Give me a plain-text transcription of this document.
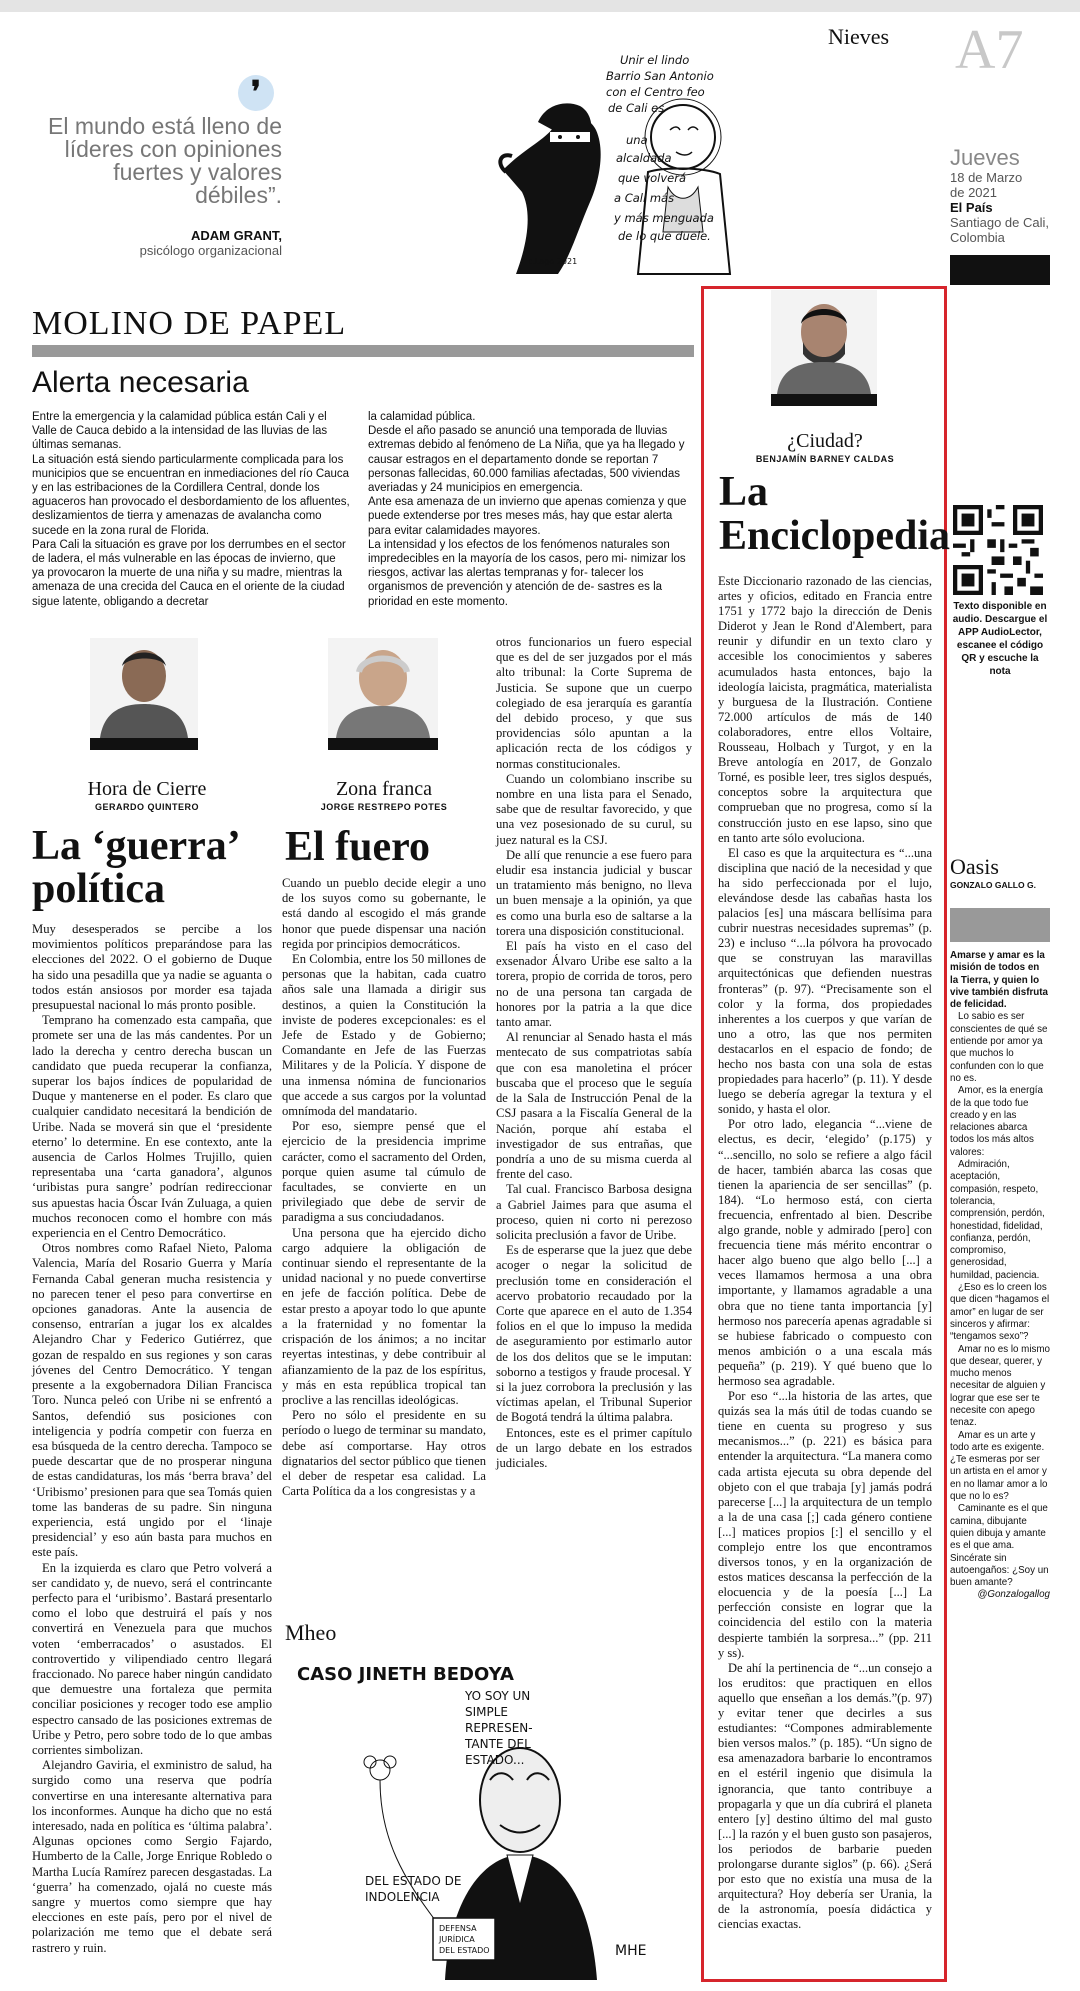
Nieves A7
❜
El mundo está lleno de
líderes con opiniones
fuertes y valores
débiles”.
ADAM GRANT,
psicólogo organizacional
Unir el lindo
Barrio San Antonio
con el Centro feo
de Cali es
una
alcaldada
que volverá
a Cali más
y más menguada
de lo que duele.
c.Lago 2021
Jueves
18 de Marzo
de 2021
El País
Santiago de Cali,
Colombia
MOLINO DE PAPEL
Alerta necesaria

Entre la emergencia y la calamidad pública están Cali y el Valle de Cauca debido a la intensidad de las lluvias de las últimas semanas.

La situación está siendo particularmente complicada para los municipios que se encuentran en inmediaciones del río Cauca y en las estribaciones de la Cordillera Central, donde los aguaceros han provocado el desbordamiento de los afluentes, deslizamientos de tierra y amenazas de avalancha como sucede en la zona rural de Florida.

Para Cali la situación es grave por los derrumbes en el sector de ladera, el más vulnerable en las épocas de invierno, que ya provocaron la muerte de una niña y su madre, mientras la amenaza de una crecida del Cauca en el oriente de la ciudad sigue latente, obligando a decretar

la calamidad pública.

Desde el año pasado se anunció una temporada de lluvias extremas debido al fenómeno de La Niña, que ya ha llegado y causar estragos en el departamento donde se reportan 7 personas fallecidas, 60.000 familias afectadas, 500 viviendas averiadas y 24 municipios en emergencia.

Ante esa amenaza de un invierno que apenas comienza y que puede extenderse por tres meses más, hay que estar alerta para evitar calamidades mayores.

La intensidad y los efectos de los fenómenos naturales son impredecibles en la mayoría de los casos, pero mi- nimizar los riesgos, activar las alertas tempranas y for- talecer los organismos de prevención y atención de de- sastres es la prioridad en este momento.

Hora de Cierre
GERARDO QUINTERO
La ‘guerra’
política

Muy desesperados se percibe a los movimientos políticos preparándose para las elecciones del 2022. O el gobierno de Duque ha sido una pesadilla que ya nadie se aguanta o todos están ansiosos por morder esa tajada presupuestal nacional lo más pronto posible.

Temprano ha comenzado esta campaña, que promete ser una de las más candentes. Por un lado la derecha y centro derecha buscan un candidato que pueda recuperar la confianza, superar los bajos índices de popularidad de Duque y mantenerse en el poder. Es claro que cualquier candidato necesitará la bendición de Uribe. Nada se moverá sin que el ‘presidente eterno’ lo determine. En ese contexto, ante la ausencia de Carlos Holmes Trujillo, quien representaba una ‘carta ganadora’, algunos ‘uribistas pura sangre’ podrían redireccionar sus apuestas hacia Óscar Iván Zuluaga, a quien muchos reconocen como el hombre con más experiencia en el Centro Democrático.

Otros nombres como Rafael Nieto, Paloma Valencia, María del Rosario Guerra y María Fernanda Cabal generan mucha resistencia y no parecen tener el peso para convertirse en opciones ganadoras. Ante la ausencia de consenso, entrarían a jugar los ex alcaldes Alejandro Char y Federico Gutiérrez, que gozan de respaldo en sus regiones y son caras jóvenes del Centro Democrático. Y tengan presente a la exgobernadora Dilian Francisca Toro. Nunca peleó con Uribe ni se enfrentó a Santos, defendió sus posiciones con inteligencia y podría competir con fuerza en esa búsqueda de la centro derecha. Tampoco se puede descartar que de no prosperar ninguna de estas candidaturas, los más ‘berra brava’ del ‘Uribismo’ presionen para que sea Tomás quien tome las banderas de su padre. Sin ninguna experiencia, está ungido por el ‘linaje presidencial’ y eso aún basta para muchos en este país.

En la izquierda es claro que Petro volverá a ser candidato y, de nuevo, será el contrincante perfecto para el ‘uribismo’. Bastará presentarlo como el lobo que destruirá el país y nos convertirá en Venezuela para que muchos voten ‘emberracados’ o asustados. El controvertido y vilipendiado centro llegará fraccionado. No parece haber ningún candidato que demuestre una fortaleza que permita conciliar posiciones y recoger todo ese amplio espectro cansado de las posiciones extremas de Uribe y Petro, pero sobre todo de lo que ambas corrientes simbolizan.

Alejandro Gaviria, el exministro de salud, ha surgido como una reserva que podría convertirse en una interesante alternativa para los inconformes. Aunque ha dicho que no está interesado, nada en política es ‘última palabra’. Algunas opciones como Sergio Fajardo, Humberto de la Calle, Jorge Enrique Robledo o Martha Lucía Ramírez parecen desgastadas. La ‘guerra’ ha comenzado, ojalá no cueste más sangre y muertos como siempre que hay elecciones en este país, pero por el nivel de polarización me temo que el debate será rastrero y ruin.

Zona franca
JORGE RESTREPO POTES
El fuero

Cuando un pueblo decide elegir a uno de los suyos como su gobernante, le está dando al escogido el más grande honor que puede dispensar una nación regida por principios democráticos.

En Colombia, entre los 50 millones de personas que la habitan, cada cuatro años sale una llamada a dirigir sus destinos, a quien la Constitución la inviste de poderes excepcionales: es el Jefe de Estado y de Gobierno; Comandante en Jefe de las Fuerzas Militares y de la Policía. Y dispone de una inmensa nómina de funcionarios que accede a sus cargos por la voluntad omnímoda del mandatario.

Por eso, siempre pensé que el ejercicio de la presidencia imprime carácter, como el sacramento del Orden, porque quien asume tal cúmulo de facultades, se convierte en un privilegiado que debe de servir de paradigma a sus conciudadanos.

Una persona que ha ejercido dicho cargo adquiere la obligación de continuar siendo el representante de la unidad nacional y no puede convertirse en jefe de facción política. Debe de estar presto a apoyar todo lo que apunte a la fraternidad y no fomentar la crispación de los ánimos; a no incitar reyertas intestinas, y debe contribuir al afianzamiento de la paz de los espíritus, y más en esta república tropical tan proclive a las rencillas ideológicas.

Pero no sólo el presidente en su período o luego de terminar su mandato, debe así comportarse. Hay otros dignatarios del sector público que tienen el deber de respetar esa calidad. La Carta Política da a los congresistas y a

otros funcionarios un fuero especial que es del de ser juzgados por el más alto tribunal: la Corte Suprema de Justicia. Se supone que un cuerpo colegiado de esa jerarquía es garantía del debido proceso, y que sus providencias sólo apuntan a la aplicación recta de los códigos y normas constitucionales.

Cuando un colombiano inscribe su nombre en una lista para el Senado, sabe que de resultar favorecido, y que una vez posesionado de su curul, su juez natural es la CSJ.

De allí que renuncie a ese fuero para eludir esa instancia judicial y buscar un tratamiento más benigno, no lleva un buen mensaje a la opinión, ya que es como una burla eso de saltarse a la torera una disposición constitucional.

El país ha visto en el caso del exsenador Álvaro Uribe ese salto a la torera, propio de corrida de toros, pero no de una persona tan cargada de honores por la patria a la que dice tanto amar.

Al renunciar al Senado hasta el más mentecato de sus compatriotas sabía que con esa manoletina el prócer buscaba que el proceso que le seguía de la Sala de Instrucción Penal de la CSJ pasara a la Fiscalía General de la Nación, porque ahí estaba el investigador de sus entrañas, que pondría a uno de su misma cuerda al frente del caso.

Tal cual. Francisco Barbosa designa a Gabriel Jaimes para que asuma el proceso, quien ni corto ni perezoso solicita preclusión a favor de Uribe.

Es de esperarse que la juez que debe acoger o negar la solicitud de preclusión tome en consideración el acervo probatorio recaudado por la Corte que aparece en el auto de 1.354 folios en el que lo impuso la medida de aseguramiento por estimarlo autor de los dos delitos que se le imputan: soborno a testigos y fraude procesal. Y si la juez corrobora la preclusión y las víctimas apelan, el Tribunal Superior de Bogotá tendrá la última palabra.

Entonces, este es el primer capítulo de un largo debate en los estrados judiciales.

Mheo
CASO JINETH BEDOYA
YO SOY UN
SIMPLE
REPRESEN-
TANTE DEL
ESTADO...
DEL ESTADO DE
INDOLENCIA
DEFENSA
JURÍDICA
DEL ESTADO	MHE
¿Ciudad?
BENJAMÍN BARNEY CALDAS
La
Enciclopedia

Este Diccionario razonado de las ciencias, artes y oficios, editado en Francia entre 1751 y 1772 bajo la dirección de Denis Diderot y Jean le Rond d'Alembert, para reunir y difundir en un texto claro y accesible los conocimientos y saberes acumulados hasta entonces, bajo la ideología laicista, pragmática, materialista y burguesa de la Ilustración. Contiene 72.000 artículos de más de 140 colaboradores, entre ellos Voltaire, Rousseau, Holbach y Turgot, y en la Breve antología en 2017, de Gonzalo Torné, es posible leer, tres siglos después, conceptos sobre la arquitectura que comprueban que no progresa, como sí la construcción justo en ese lapso, sino que en tanto arte sólo evoluciona.

El caso es que la arquitectura es “...una disciplina que nació de la necesidad y que ha sido perfeccionada por el lujo, elevándose desde las cabañas hasta los palacios [es] una máscara bellísima para cubrir nuestras necesidades supremas” (p. 23) e incluso “...la pólvora ha provocado que se construyan las maravillas arquitectónicas que defienden nuestras fronteras” (p. 97). “Precisamente son el color y la forma, dos propiedades inherentes a los cuerpos y que varían de uno a otro, las que nos permiten destacarlos en el espacio de fondo; de hecho nos basta con una sola de estas propiedades para hacerlo” (p. 11). Y desde luego se debería agregar la textura y el sonido, y hasta el olor.

Por otro lado, elegancia “...viene de electus, es decir, ‘elegido’ (p.175) y “...sencillo, no solo se refiere a algo fácil de hacer, también abarca las cosas que tienen la apariencia de ser sencillas” (p. 184). “Lo hermoso está, con cierta frecuencia, enfrentado al bien. Describe algo grande, noble y admirado [pero] con frecuencia tiene más mérito encontrar o hacer algo bueno que algo bello [...] a veces llamamos hermosa a una obra importante, y llamamos agradable a una obra que no tiene tanta importancia [y] hermoso nos parecería apenas agradable si se hubiese fabricado o compuesto con menos ambición o a una escala más pequeña” (p. 219). Y qué bueno que lo hermoso sea agradable.

Por eso “...la historia de las artes, que quizás sea la más útil de todas cuando se tiene en cuenta su progreso y sus mecanismos...” (p. 221) es básica para entender la arquitectura. “La manera como cada artista ejecuta su obra depende del objeto con el que trabaja [y] jamás podrá parecerse [...] la arquitectura de un templo a la de una casa [;] cada género contiene [...] matices propios [:] el sencillo y el complejo entre los que encontramos diversos tonos, y en la organización de estos matices descansa la perfección de la elocuencia y de la poesía [...] La perfección consiste en lograr que la coincidencia del estilo con la materia despierte también la sorpresa...” (pp. 211 y ss).

De ahí la pertinencia de “...un consejo a los eruditos: que practiquen en ellos aquello que enseñan a los demás.”(p. 97) y evitar tener que decirles a sus estudiantes: “Compones admirablemente bien versos malos.” (p. 185). “Un signo de esa amenazadora barbarie lo encontramos en el estéril ingenio que disimula la ignorancia, que tanto contribuye a propagarla y que un día cubrirá el planeta entero [y] destino último del mal gusto [...] la razón y el buen gusto son pasajeros, los periodos de barbarie pueden prolongarse durante siglos” (p. 66). ¿Será por esto que no existía una musa de la arquitectura? Hoy debería ser Urania, la de la astronomía, poesía didáctica y ciencias exactas.

Texto disponible en audio. Descargue el APP AudioLector, escanee el código QR y escuche la nota
Oasis
GONZALO GALLO G.

Amarse y amar es la misión de todos en la Tierra, y quien lo vive también disfruta de felicidad.

Lo sabio es ser conscientes de qué se entiende por amor ya que muchos lo confunden con lo que no es.

Amor, es la energía de la que todo fue creado y en las relaciones abarca todos los más altos valores:

Admiración, aceptación, compasión, respeto, tolerancia, comprensión, perdón, honestidad, fidelidad, confianza, perdón, compromiso, generosidad, humildad, paciencia.

¿Eso es lo creen los que dicen “hagamos el amor” en lugar de ser sinceros y afirmar: “tengamos sexo”?

Amar no es lo mismo que desear, querer, y mucho menos necesitar de alguien y lograr que ese ser te necesite con apego tenaz.

Amar es un arte y todo arte es exigente. ¿Te esmeras por ser un artista en el amor y en no llamar amor a lo que no lo es?

Caminante es el que camina, dibujante quien dibuja y amante es el que ama. Sincérate sin autoengaños: ¿Soy un buen amante?

@Gonzalogallog
